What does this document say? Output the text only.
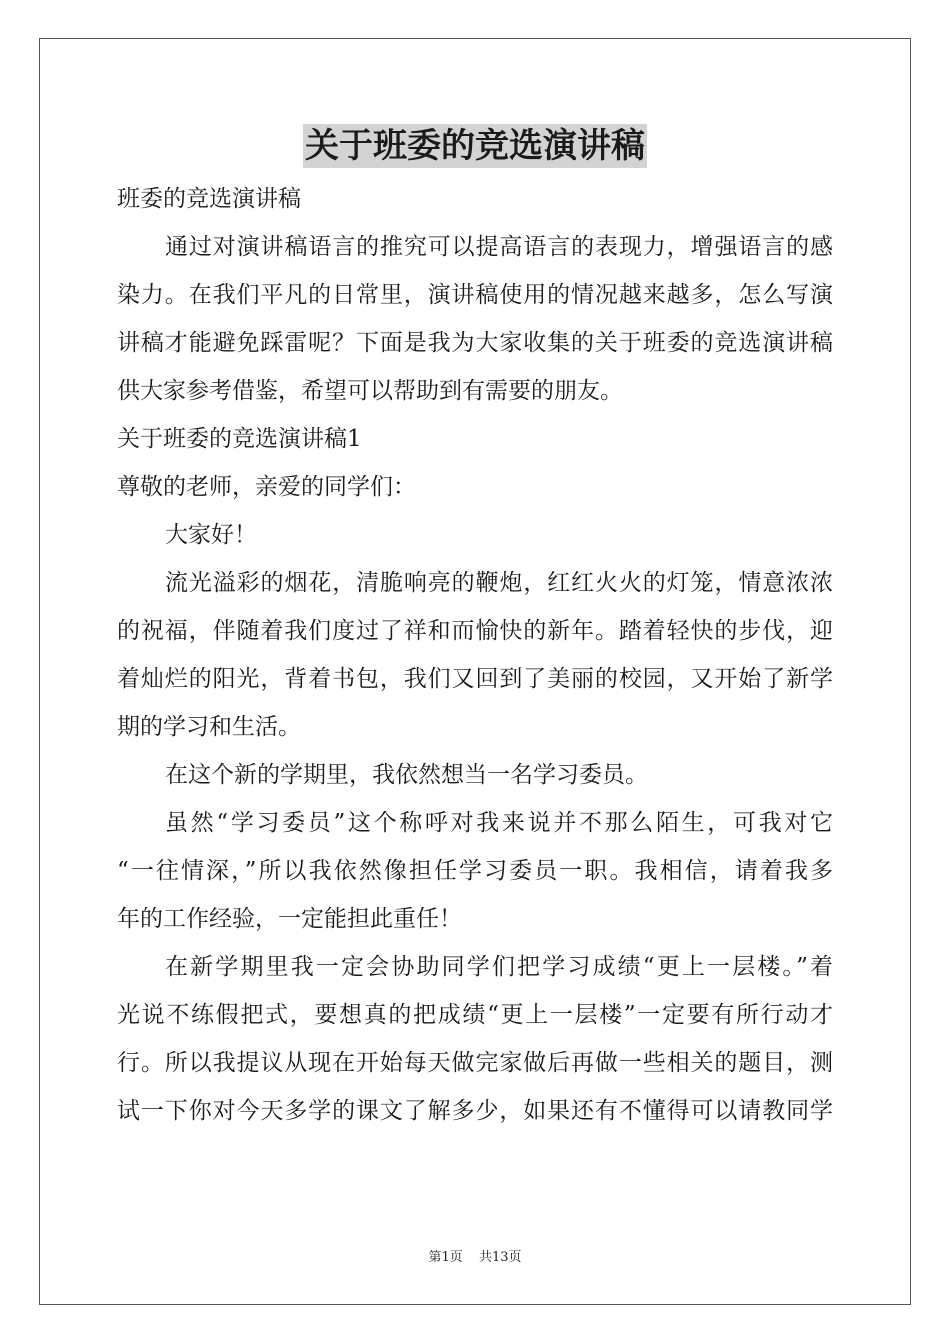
关于班委的竞选演讲稿
班委的竞选演讲稿
通过对演讲稿语言的推究可以提高语言的表现力，增强语言的感
染力。在我们平凡的日常里，演讲稿使用的情况越来越多，怎么写演
讲稿才能避免踩雷呢？下面是我为大家收集的关于班委的竞选演讲稿
供大家参考借鉴，希望可以帮助到有需要的朋友。
关于班委的竞选演讲稿1
尊敬的老师，亲爱的同学们：
大家好！
流光溢彩的烟花，清脆响亮的鞭炮，红红火火的灯笼，情意浓浓
的祝福，伴随着我们度过了祥和而愉快的新年。踏着轻快的步伐，迎
着灿烂的阳光，背着书包，我们又回到了美丽的校园，又开始了新学
期的学习和生活。
在这个新的学期里，我依然想当一名学习委员。
虽然“学习委员”这个称呼对我来说并不那么陌生，可我对它
“一往情深，”所以我依然像担任学习委员一职。我相信，请着我多
年的工作经验，一定能担此重任！
在新学期里我一定会协助同学们把学习成绩“更上一层楼。”着
光说不练假把式，要想真的把成绩“更上一层楼”一定要有所行动才
行。所以我提议从现在开始每天做完家做后再做一些相关的题目，测
试一下你对今天多学的课文了解多少，如果还有不懂得可以请教同学
第1页 共13页
